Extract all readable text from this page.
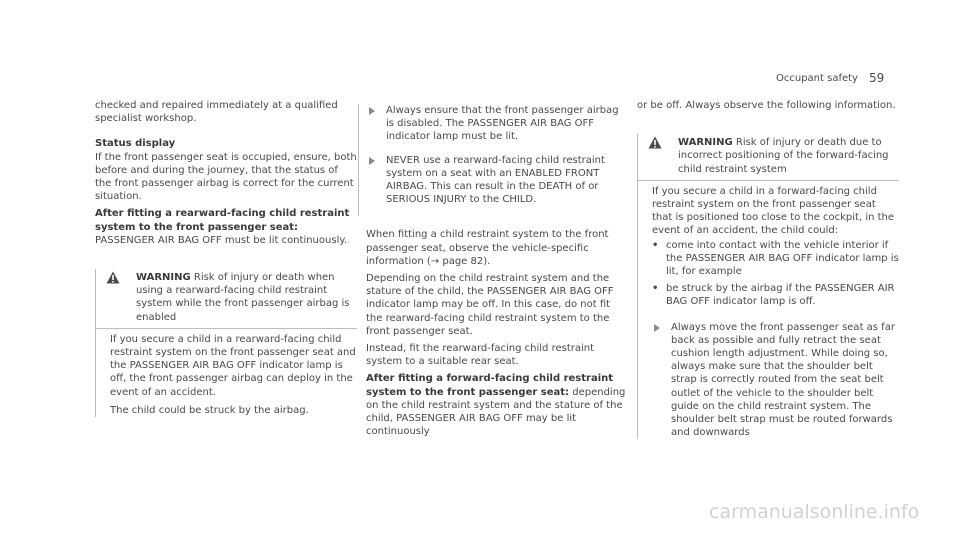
Occupant safety 59

checked and repaired immediately at a qualified specialist workshop.

Status display

If the front passenger seat is occupied, ensure, both before and during the journey, that the status of the front passenger airbag is correct for the current situation.

After fitting a rearward-facing child restraint system to the front passenger seat: PASSENGER AIR BAG OFF must be lit continuously.

WARNING Risk of injury or death when using a rearward-facing child restraint system while the front passenger airbag is enabled

If you secure a child in a rearward-facing child restraint system on the front passenger seat and the PASSENGER AIR BAG OFF indicator lamp is off, the front passenger airbag can deploy in the event of an accident.

The child could be struck by the airbag.

Always ensure that the front passenger airbag is disabled. The PASSENGER AIR BAG OFF indicator lamp must be lit.
NEVER use a rearward-facing child restraint system on a seat with an ENABLED FRONT AIRBAG. This can result in the DEATH of or SERIOUS INJURY to the CHILD.

When fitting a child restraint system to the front passenger seat, observe the vehicle-specific information (→ page 82).

Depending on the child restraint system and the stature of the child, the PASSENGER AIR BAG OFF indicator lamp may be off. In this case, do not fit the rearward-facing child restraint system to the front passenger seat.

Instead, fit the rearward-facing child restraint system to a suitable rear seat.

After fitting a forward-facing child restraint system to the front passenger seat: depending on the child restraint system and the stature of the child, PASSENGER AIR BAG OFF may be lit continuously

or be off. Always observe the following information.

WARNING Risk of injury or death due to incorrect positioning of the forward-facing child restraint system

If you secure a child in a forward-facing child restraint system on the front passenger seat that is positioned too close to the cockpit, in the event of an accident, the child could:

• come into contact with the vehicle interior if the PASSENGER AIR BAG OFF indicator lamp is lit, for example
• be struck by the airbag if the PASSENGER AIR BAG OFF indicator lamp is off.
Always move the front passenger seat as far back as possible and fully retract the seat cushion length adjustment. While doing so, always make sure that the shoulder belt strap is correctly routed from the seat belt outlet of the vehicle to the shoulder belt guide on the child restraint system. The shoulder belt strap must be routed forwards and downwards
carmanualsonline.info
